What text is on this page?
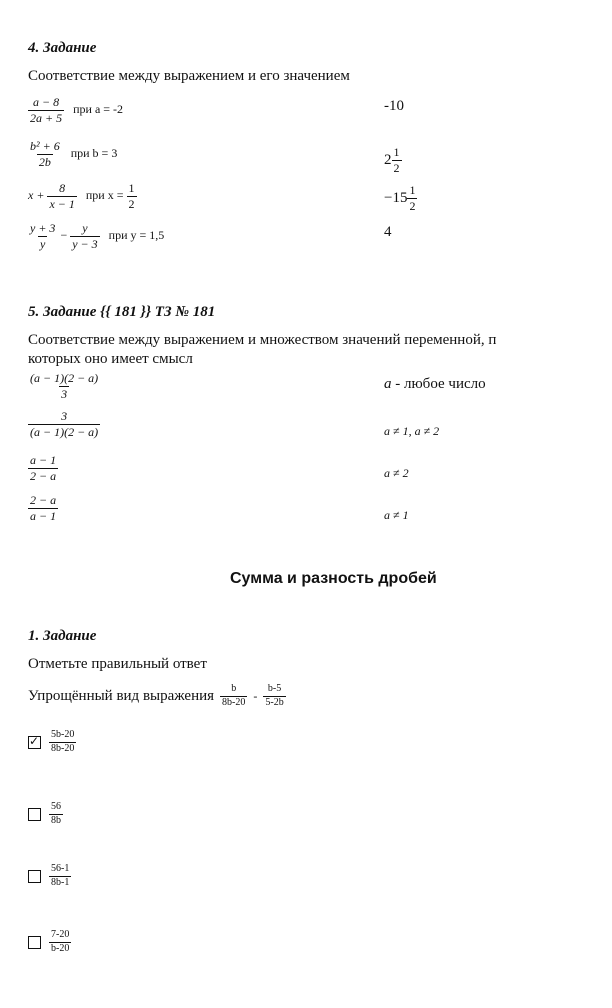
4. Задание
Соответствие между выражением и его значением
$\frac{a - 8}{2a + 5}$ при a = -2
$\frac{\text{b² + 6}}{2b}$ при b = 3
$x + \frac{8}{x - 1}$ при $x = \frac{1}{2}$
$\frac{y + 3}{y} - \frac{y}{y - 3}$ при y = 1,5
-10
$2 \frac{1}{2}$
$-15 \frac{1}{2}$
4
5. Задание {{ 181 }} ТЗ № 181
Соответствие между выражением и множеством значений переменной, п
которых оно имеет смысл
$\frac{(a - 1)(2 - a)}{3}$
$\frac{3}{(a - 1)(2 - a)}$
$\frac{a - 1}{2 - a}$
$\frac{2 - a}{a - 1}$
a - любое число
a ≠ 1, a ≠ 2
a ≠ 2
a ≠ 1
Сумма и разность дробей
1. Задание
Отметьте правильный ответ
Упрощённый вид выражения $\frac{b}{8b-20} - \frac{b-5}{5-2b}$
✓
$\frac{5b-20}{8b-20}$
$\frac{56}{8b}$
$\frac{56-1}{8b-1}$
$\frac{7-20}{b-20}$
